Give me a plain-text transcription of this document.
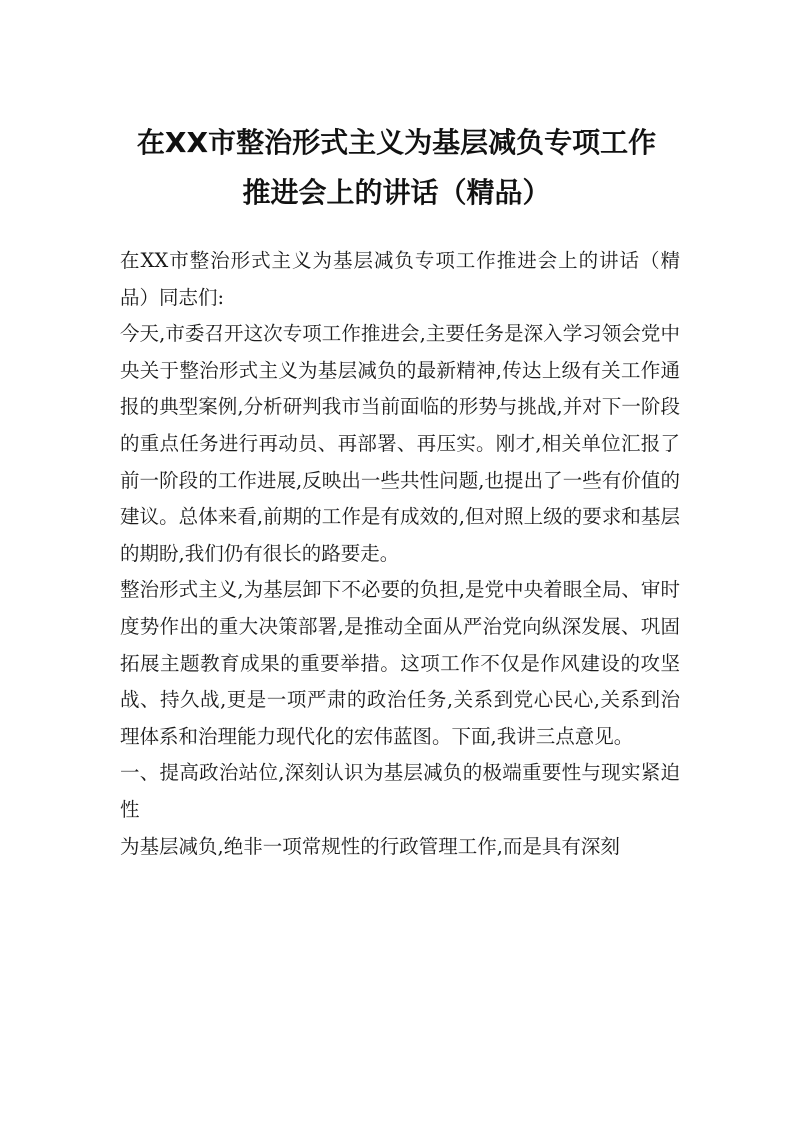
在XX市整治形式主义为基层减负专项工作
推进会上的讲话（精品）

在XX市整治形式主义为基层减负专项工作推进会上的讲话（精品）同志们:

今天,市委召开这次专项工作推进会,主要任务是深入学习领会党中央关于整治形式主义为基层减负的最新精神,传达上级有关工作通报的典型案例,分析研判我市当前面临的形势与挑战,并对下一阶段的重点任务进行再动员、再部署、再压实。刚才,相关单位汇报了前一阶段的工作进展,反映出一些共性问题,也提出了一些有价值的建议。总体来看,前期的工作是有成效的,但对照上级的要求和基层的期盼,我们仍有很长的路要走。

整治形式主义,为基层卸下不必要的负担,是党中央着眼全局、审时度势作出的重大决策部署,是推动全面从严治党向纵深发展、巩固拓展主题教育成果的重要举措。这项工作不仅是作风建设的攻坚战、持久战,更是一项严肃的政治任务,关系到党心民心,关系到治理体系和治理能力现代化的宏伟蓝图。下面,我讲三点意见。

一、提高政治站位,深刻认识为基层减负的极端重要性与现实紧迫性

为基层减负,绝非一项常规性的行政管理工作,而是具有深刻
